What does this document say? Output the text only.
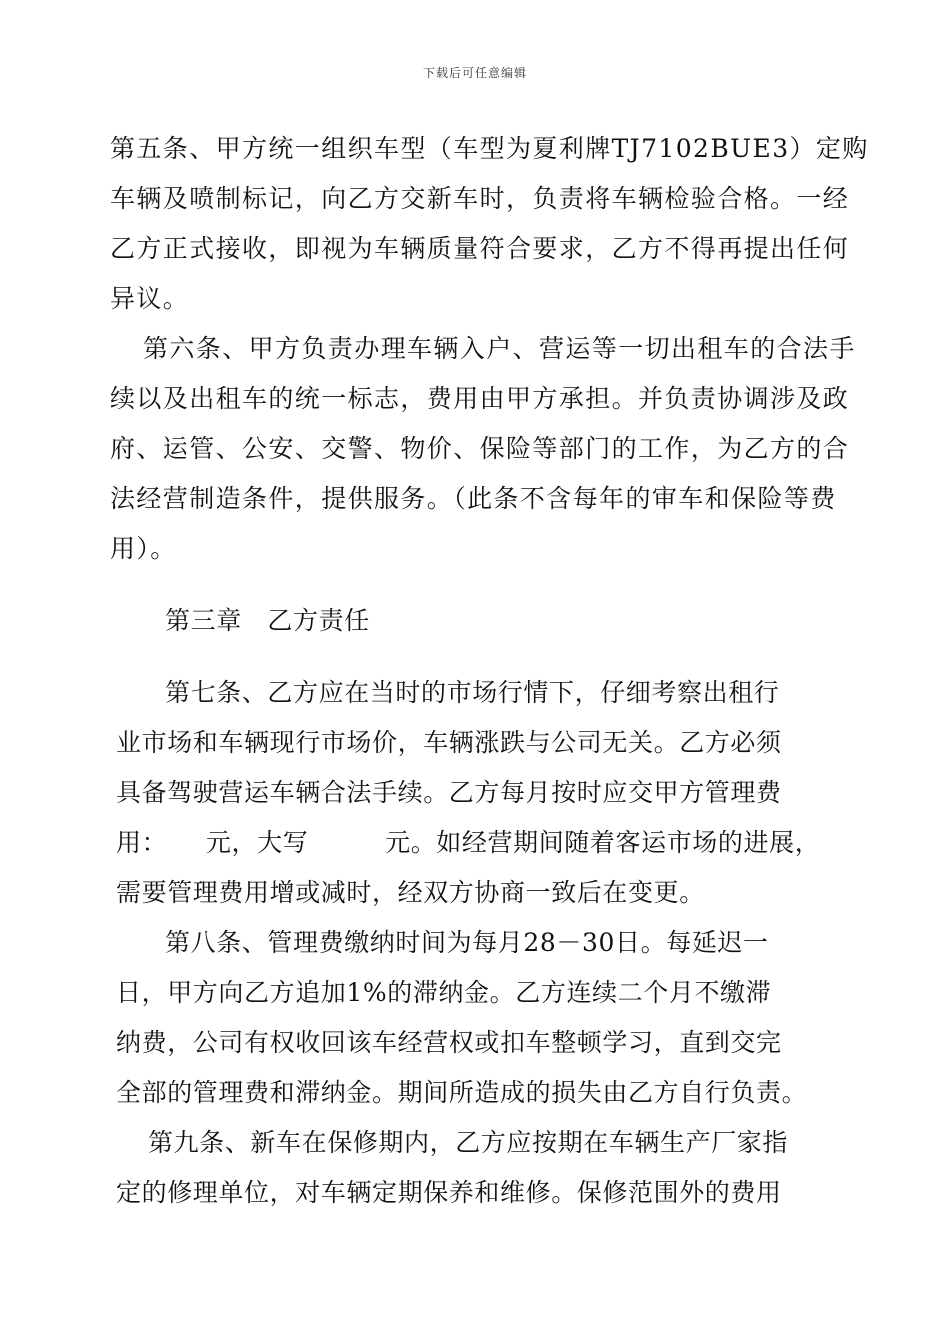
下载后可任意编辑
第五条、甲方统一组织车型（车型为夏利牌TJ7102BUE3）定购
车辆及喷制标记，向乙方交新车时，负责将车辆检验合格。一经
乙方正式接收，即视为车辆质量符合要求，乙方不得再提出任何
异议。
第六条、甲方负责办理车辆入户、营运等一切出租车的合法手
续以及出租车的统一标志，费用由甲方承担。并负责协调涉及政
府、运管、公安、交警、物价、保险等部门的工作，为乙方的合
法经营制造条件，提供服务。（此条不含每年的审车和保险等费
用）。
第三章　乙方责任
第七条、乙方应在当时的市场行情下，仔细考察出租行
业市场和车辆现行市场价，车辆涨跌与公司无关。乙方必须
具备驾驶营运车辆合法手续。乙方每月按时应交甲方管理费
用：　　元，大写　　　元。如经营期间随着客运市场的进展，
需要管理费用增或减时，经双方协商一致后在变更。
第八条、管理费缴纳时间为每月28－30日。每延迟一
日，甲方向乙方追加1%的滞纳金。乙方连续二个月不缴滞
纳费，公司有权收回该车经营权或扣车整顿学习，直到交完
全部的管理费和滞纳金。期间所造成的损失由乙方自行负责。
第九条、新车在保修期内，乙方应按期在车辆生产厂家指
定的修理单位，对车辆定期保养和维修。保修范围外的费用
